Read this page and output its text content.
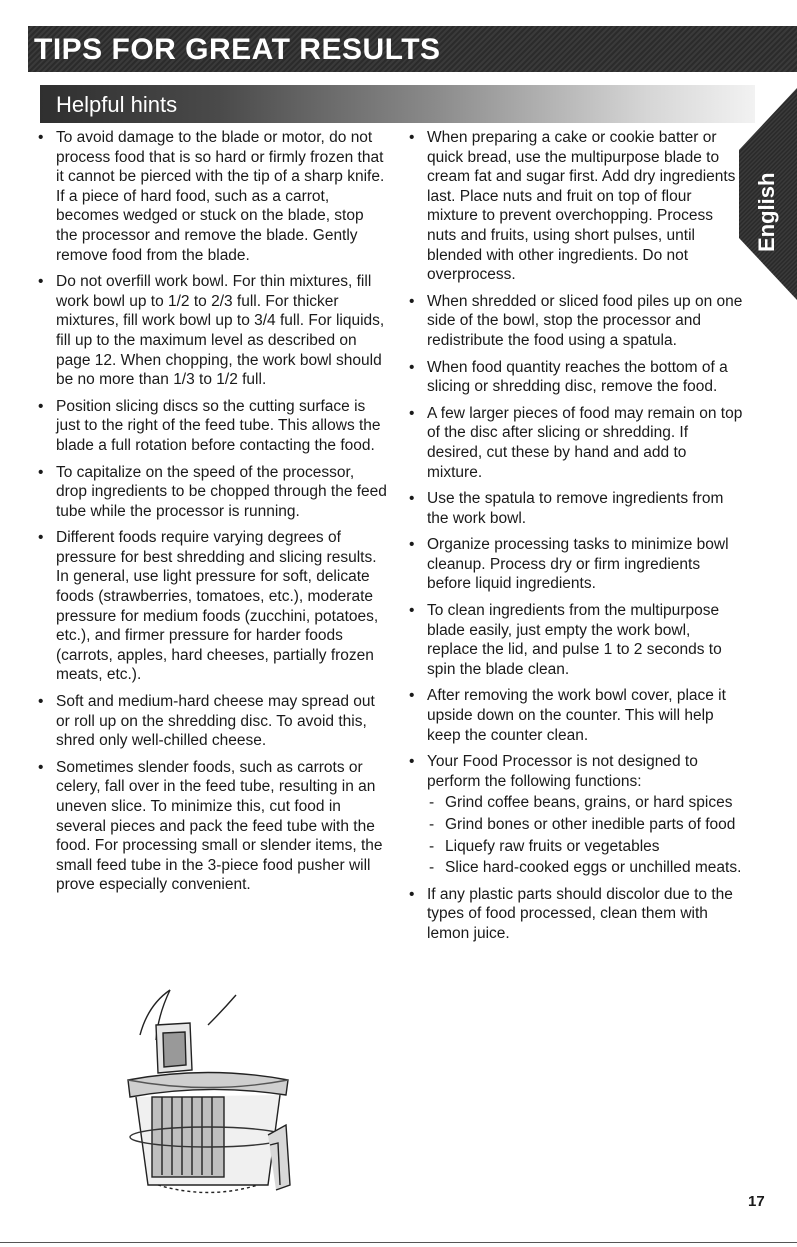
TIPS FOR GREAT RESULTS
Helpful hints
English
• To avoid damage to the blade or motor, do not process food that is so hard or firmly frozen that it cannot be pierced with the tip of a sharp knife. If a piece of hard food, such as a carrot, becomes wedged or stuck on the blade, stop the processor and remove the blade. Gently remove food from the blade.
• Do not overfill work bowl. For thin mixtures, fill work bowl up to 1/2 to 2/3 full. For thicker mixtures, fill work bowl up to 3/4 full. For liquids, fill up to the maximum level as described on page 12. When chopping, the work bowl should be no more than 1/3 to 1/2 full.
• Position slicing discs so the cutting surface is just to the right of the feed tube. This allows the blade a full rotation before contacting the food.
• To capitalize on the speed of the processor, drop ingredients to be chopped through the feed tube while the processor is running.
• Different foods require varying degrees of pressure for best shredding and slicing results. In general, use light pressure for soft, delicate foods (strawberries, tomatoes, etc.), moderate pressure for medium foods (zucchini, potatoes, etc.), and firmer pressure for harder foods (carrots, apples, hard cheeses, partially frozen meats, etc.).
• Soft and medium-hard cheese may spread out or roll up on the shredding disc. To avoid this, shred only well-chilled cheese.
• Sometimes slender foods, such as carrots or celery, fall over in the feed tube, resulting in an uneven slice. To minimize this, cut food in several pieces and pack the feed tube with the food. For processing small or slender items, the small feed tube in the 3-piece food pusher will prove especially convenient.
• When preparing a cake or cookie batter or quick bread, use the multipurpose blade to cream fat and sugar first. Add dry ingredients last. Place nuts and fruit on top of flour mixture to prevent overchopping. Process nuts and fruits, using short pulses, until blended with other ingredients. Do not overprocess.
• When shredded or sliced food piles up on one side of the bowl, stop the processor and redistribute the food using a spatula.
• When food quantity reaches the bottom of a slicing or shredding disc, remove the food.
• A few larger pieces of food may remain on top of the disc after slicing or shredding. If desired, cut these by hand and add to mixture.
• Use the spatula to remove ingredients from the work bowl.
• Organize processing tasks to minimize bowl cleanup. Process dry or firm ingredients before liquid ingredients.
• To clean ingredients from the multipurpose blade easily, just empty the work bowl, replace the lid, and pulse 1 to 2 seconds to spin the blade clean.
• After removing the work bowl cover, place it upside down on the counter. This will help keep the counter clean.
• Your Food Processor is not designed to perform the following functions:
- Grind coffee beans, grains, or hard spices
- Grind bones or other inedible parts of food
- Liquefy raw fruits or vegetables
- Slice hard-cooked eggs or unchilled meats.
• If any plastic parts should discolor due to the types of food processed, clean them with lemon juice.
17
